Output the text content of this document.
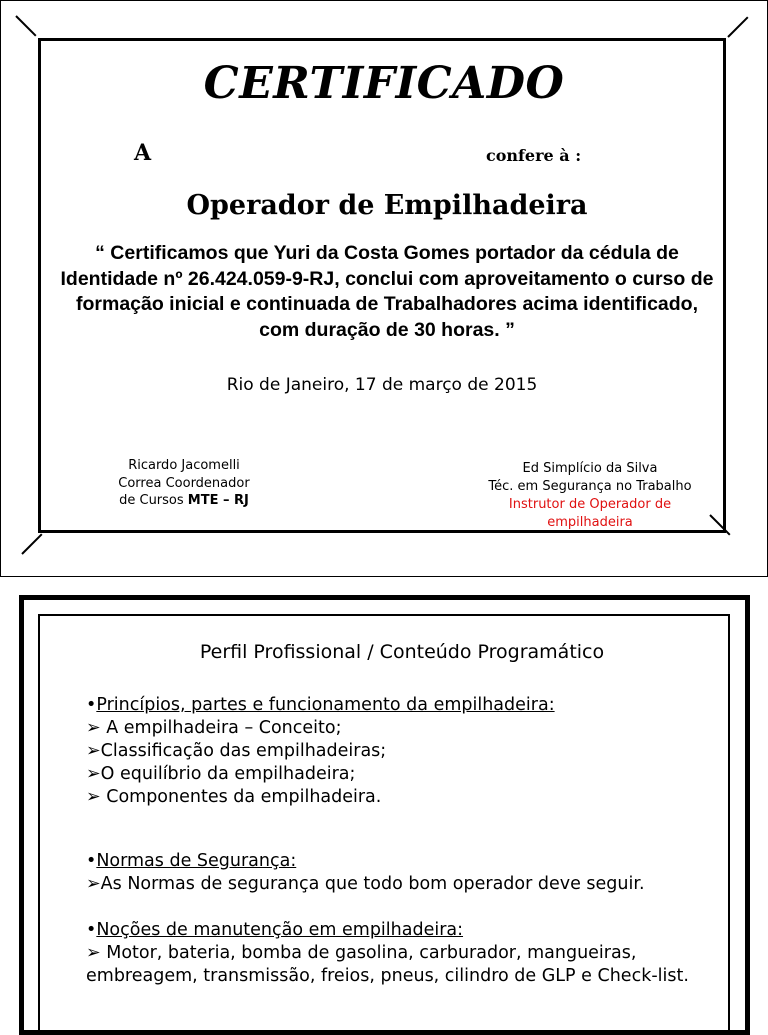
CERTIFICADO
A	confere à :
Operador de Empilhadeira
“ Certificamos que Yuri da Costa Gomes portador da cédula de Identidade nº 26.424.059-9-RJ, conclui com aproveitamento o curso de formação inicial e continuada de Trabalhadores acima identificado, com duração de 30 horas. ”
Rio de Janeiro, 17 de março de 2015
Ricardo Jacomelli
Correa Coordenador
de Cursos MTE – RJ
Ed Simplício da Silva
Téc. em Segurança no Trabalho
Instrutor de Operador de
empilhadeira
Perfil Profissional / Conteúdo Programático
•Princípios, partes e funcionamento da empilhadeira:
➢ A empilhadeira – Conceito;
➢Classificação das empilhadeiras;
➢O equilíbrio da empilhadeira;
➢ Componentes da empilhadeira.
•Normas de Segurança:
➢As Normas de segurança que todo bom operador deve seguir.
•Noções de manutenção em empilhadeira:
➢ Motor, bateria, bomba de gasolina, carburador, mangueiras, embreagem, transmissão, freios, pneus, cilindro de GLP e Check-list.
